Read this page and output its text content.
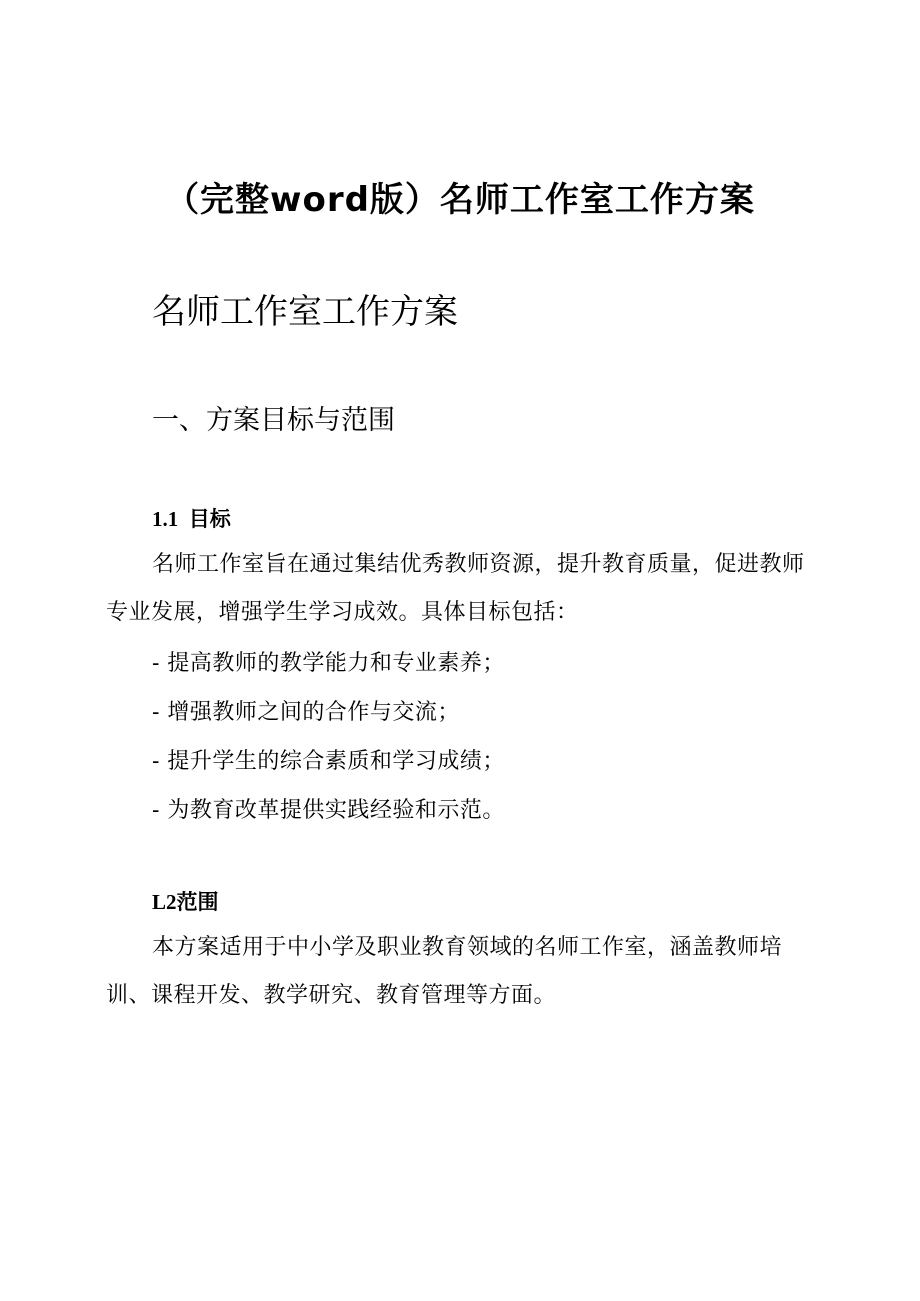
（完整word版）名师工作室工作方案
名师工作室工作方案
一、方案目标与范围
1.1 目标

名师工作室旨在通过集结优秀教师资源，提升教育质量，促进教师专业发展，增强学生学习成效。具体目标包括：

- 提高教师的教学能力和专业素养；
- 增强教师之间的合作与交流；
- 提升学生的综合素质和学习成绩；
- 为教育改革提供实践经验和示范。
L2范围

本方案适用于中小学及职业教育领域的名师工作室，涵盖教师培训、课程开发、教学研究、教育管理等方面。
